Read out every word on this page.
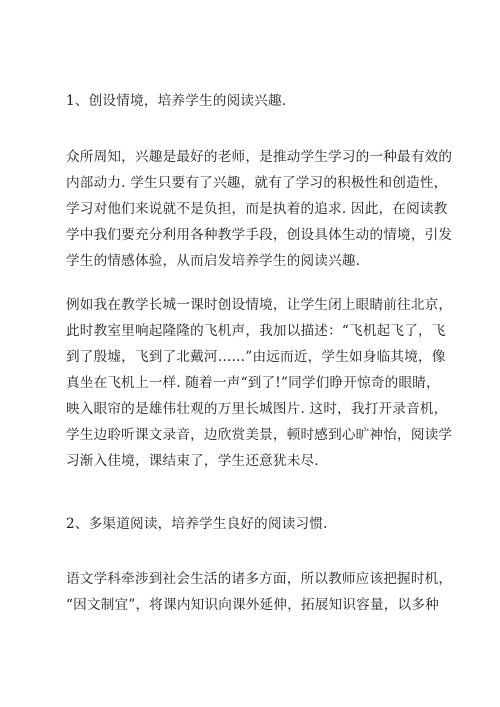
1、创设情境，培养学生的阅读兴趣.
众所周知，兴趣是最好的老师，是推动学生学习的一种最有效的
内部动力. 学生只要有了兴趣，就有了学习的积极性和创造性，
学习对他们来说就不是负担，而是执着的追求. 因此，在阅读教
学中我们要充分利用各种教学手段，创设具体生动的情境，引发
学生的情感体验，从而启发培养学生的阅读兴趣.
例如我在教学长城一课时创设情境，让学生闭上眼睛前往北京，
此时教室里响起隆隆的飞机声，我加以描述：“飞机起飞了，飞
到了殷墟，飞到了北戴河……”由远而近，学生如身临其境，像
真坐在飞机上一样. 随着一声“到了!”同学们睁开惊奇的眼睛，
映入眼帘的是雄伟壮观的万里长城图片. 这时，我打开录音机，
学生边聆听课文录音，边欣赏美景，顿时感到心旷神怡，阅读学
习渐入佳境，课结束了，学生还意犹未尽.
2、多渠道阅读，培养学生良好的阅读习惯.
语文学科牵涉到社会生活的诸多方面，所以教师应该把握时机，
“因文制宜”，将课内知识向课外延伸，拓展知识容量，以多种
